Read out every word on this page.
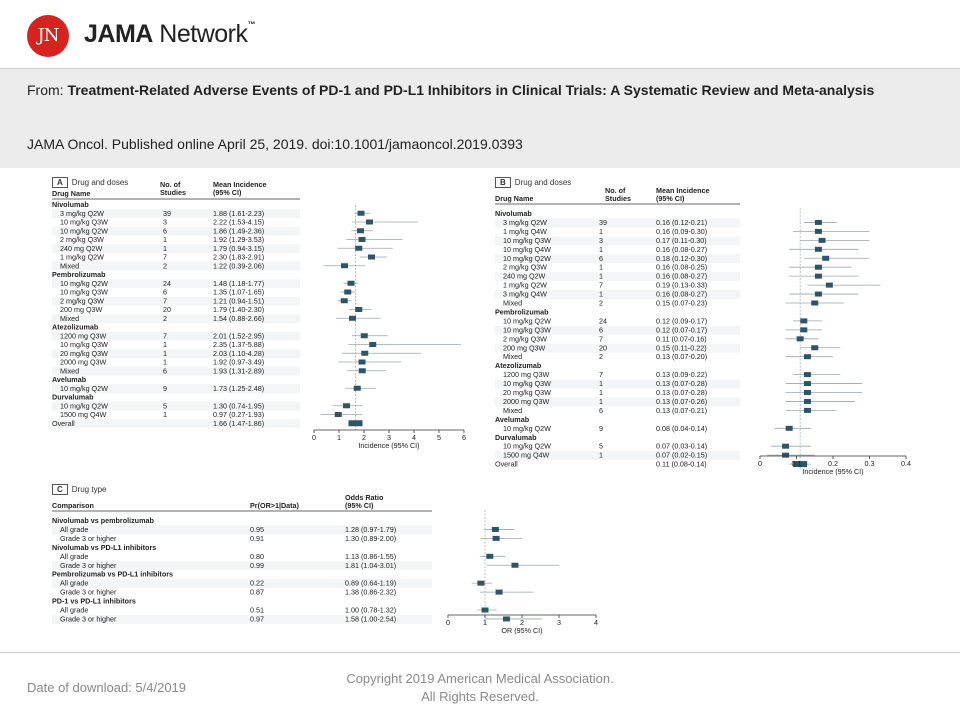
JN	JAMA Network™
From: Treatment-Related Adverse Events of PD-1 and PD-L1 Inhibitors in Clinical Trials: A Systematic Review and Meta-analysis
JAMA Oncol. Published online April 25, 2019. doi:10.1001/jamaoncol.2019.0393
A Drug and doses	B Drug and doses
C Drug type
Drug Name
No. of
Studies
Mean Incidence
(95% CI)
Nivolumab
3 mg/kg Q2W	39	1.88 (1.61-2.23)
10 mg/kg Q3W	3	2.22 (1.53-4.15)
10 mg/kg Q2W	6	1.86 (1.49-2.36)
2 mg/kg Q3W	1	1.92 (1.29-3.53)
240 mg Q2W	1	1.79 (0.94-3.15)
1 mg/kg Q2W	7	2.30 (1.83-2.91)
Mixed	2	1.22 (0.39-2.06)
Pembrolizumab
10 mg/kg Q2W	24	1.48 (1.18-1.77)
10 mg/kg Q3W	6	1.35 (1.07-1.65)
2 mg/kg Q3W	7	1.21 (0.94-1.51)
200 mg Q3W	20	1.79 (1.40-2.30)
Mixed	2	1.54 (0.88-2.66)
Atezolizumab
1200 mg Q3W	7	2.01 (1.52-2.95)
10 mg/kg Q3W	1	2.35 (1.37-5.88)
20 mg/kg Q3W	1	2.03 (1.10-4.28)
2000 mg Q3W	1	1.92 (0.97-3.49)
Mixed	6	1.93 (1.31-2.89)
Avelumab
10 mg/kg Q2W	9	1.73 (1.25-2.48)
Durvalumab
10 mg/kg Q2W	5	1.30 (0.74-1.95)
1500 mg Q4W	1	0.97 (0.27-1.93)
Overall	1.66 (1.47-1.86)
0	1	2	3	4	5	6
Incidence (95% CI)
Drug Name
No. of
Studies
Mean Incidence
(95% CI)
Nivolumab
3 mg/kg Q2W	39	0.16 (0.12-0.21)
1 mg/kg Q4W	1	0.16 (0.09-0.30)
10 mg/kg Q3W	3	0.17 (0.11-0.30)
10 mg/kg Q4W	1	0.16 (0.08-0.27)
10 mg/kg Q2W	6	0.18 (0.12-0.30)
2 mg/kg Q3W	1	0.16 (0.08-0.25)
240 mg Q2W	1	0.16 (0.08-0.27)
1 mg/kg Q2W	7	0.19 (0.13-0.33)
3 mg/kg Q4W	1	0.16 (0.08-0.27)
Mixed	2	0.15 (0.07-0.23)
Pembrolizumab
10 mg/kg Q2W	24	0.12 (0.09-0.17)
10 mg/kg Q3W	6	0.12 (0.07-0.17)
2 mg/kg Q3W	7	0.11 (0.07-0.16)
200 mg Q3W	20	0.15 (0.11-0.22)
Mixed	2	0.13 (0.07-0.20)
Atezolizumab
1200 mg Q3W	7	0.13 (0.09-0.22)
10 mg/kg Q3W	1	0.13 (0.07-0.28)
20 mg/kg Q3W	1	0.13 (0.07-0.28)
2000 mg Q3W	1	0.13 (0.07-0.26)
Mixed	6	0.13 (0.07-0.21)
Avelumab
10 mg/kg Q2W	9	0.08 (0.04-0.14)
Durvalumab
10 mg/kg Q2W	5	0.07 (0.03-0.14)
1500 mg Q4W	1	0.07 (0.02-0.15)
Overall	0.11 (0.08-0.14)	0	0.1	0.2	0.3	0.4
Incidence (95% CI)
Comparison	Pr(OR>1|Data)
Odds Ratio
(95% CI)
Nivolumab vs pembrolizumab
All grade	0.95	1.28 (0.97-1.79)
Grade 3 or higher	0.91	1.30 (0.89-2.00)
Nivolumab vs PD-L1 inhibitors
All grade	0.80	1.13 (0.86-1.55)
Grade 3 or higher	0.99	1.81 (1.04-3.01)
Pembrolizumab vs PD-L1 inhibitors
All grade	0.22	0.89 (0.64-1.19)
Grade 3 or higher	0.87	1.38 (0.86-2.32)
PD-1 vs PD-L1 inhibitors
All grade	0.51	1.00 (0.78-1.32)
Grade 3 or higher	0.97	1.58 (1.00-2.54)	0	1	2	3	4
OR (95% CI)
Date of download: 5/4/2019
Copyright 2019 American Medical Association.
All Rights Reserved.
